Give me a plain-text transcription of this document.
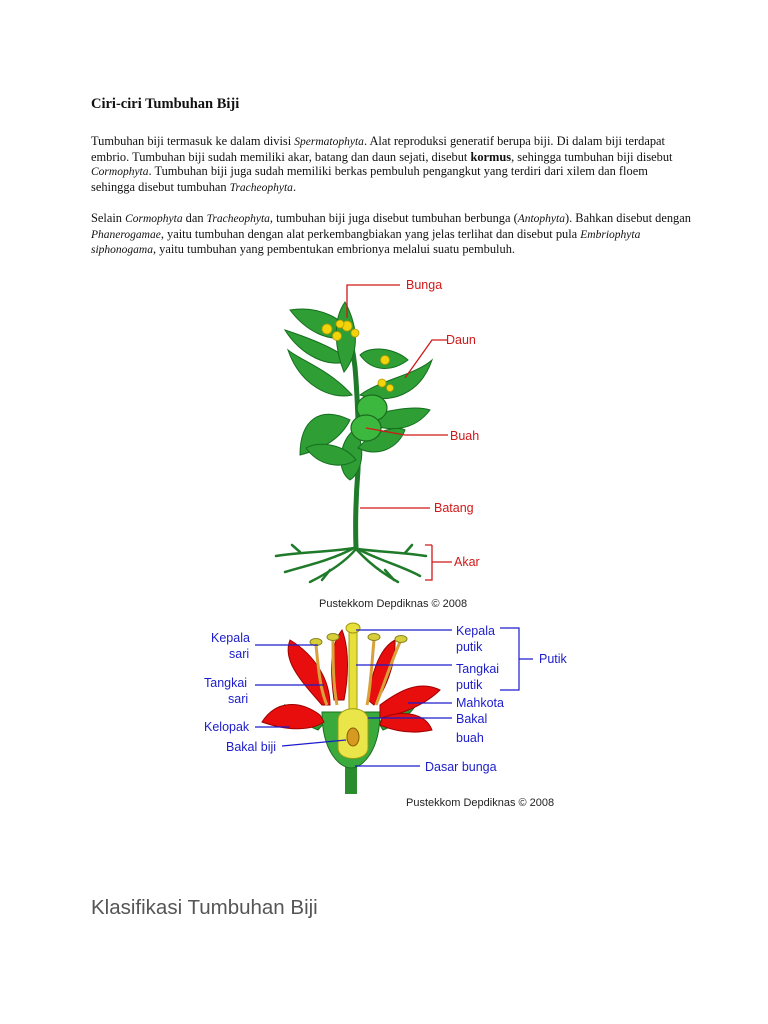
Ciri-ciri Tumbuhan Biji

Tumbuhan biji termasuk ke dalam divisi Spermatophyta. Alat reproduksi generatif berupa biji. Di dalam biji terdapat embrio. Tumbuhan biji sudah memiliki akar, batang dan daun sejati, disebut kormus, sehingga tumbuhan biji disebut Cormophyta. Tumbuhan biji juga sudah memiliki berkas pembuluh pengangkut yang terdiri dari xilem dan floem sehingga disebut tumbuhan Tracheophyta.

Selain Cormophyta dan Tracheophyta, tumbuhan biji juga disebut tumbuhan berbunga (Antophyta). Bahkan disebut dengan Phanerogamae, yaitu tumbuhan dengan alat perkembangbiakan yang jelas terlihat dan disebut pula Embriophyta siphonogama, yaitu tumbuhan yang pembentukan embrionya melalui suatu pembuluh.

Bunga
Daun
Buah
Batang
Akar
Pustekkom Depdiknas © 2008
Kepala
sari
Tangkai
sari
Kelopak
Bakal biji
Kepala
putik
Tangkai
putik
Putik
Mahkota
Bakal
buah
Dasar bunga
Pustekkom Depdiknas © 2008
Klasifikasi Tumbuhan Biji
